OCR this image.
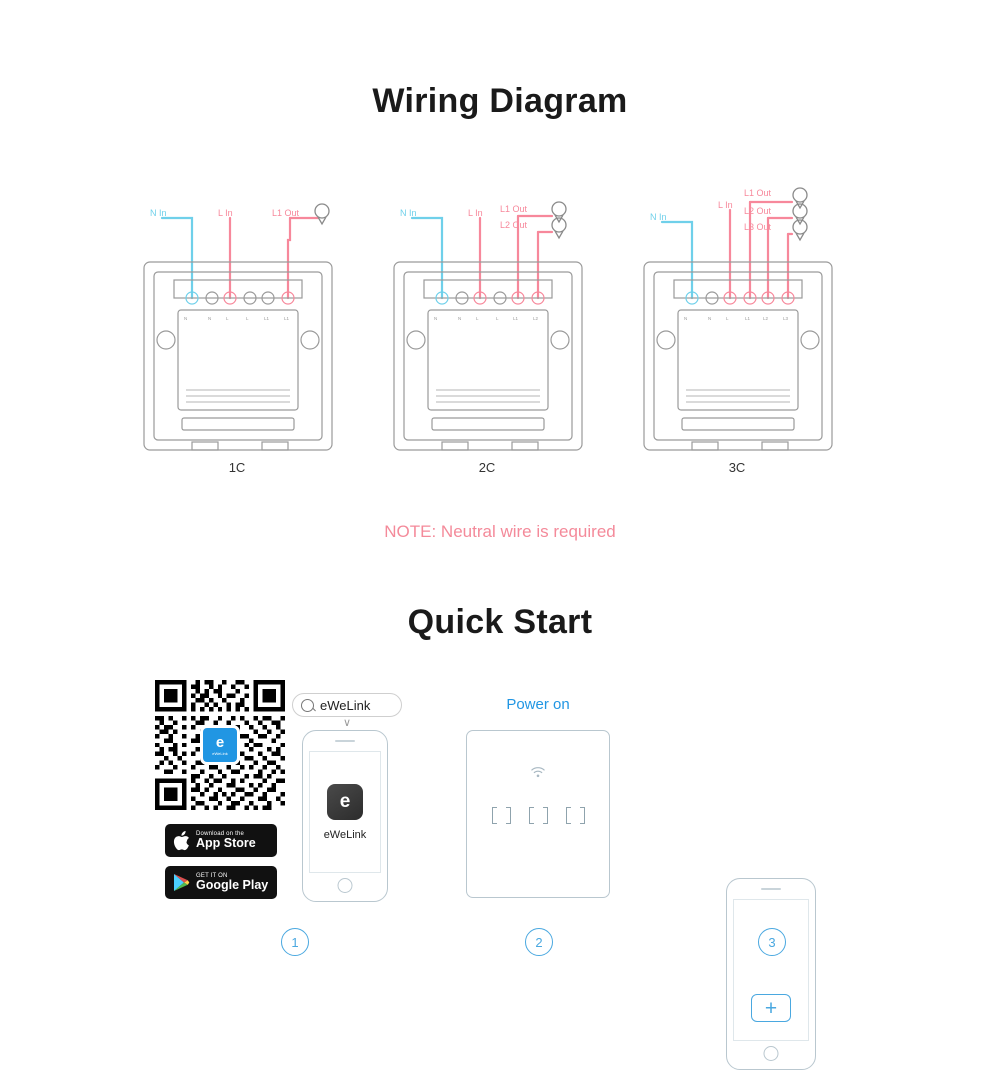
Wiring Diagram
N	N	L	L	L1	L1
N In	L In	L1 Out
1C
N	N	L	L	L1	L2
N In	L In L1 Out
L2 Out
2C
N	N	L	L1	L2	L3
N In
L In
L1 Out
L2 Out
L3 Out
3C
NOTE: Neutral wire is required
Quick Start
e
eWeLink
Download on the
App Store
GET IT ON
Google Play
eWeLink
∨
e
eWeLink
Power on
+
1	2	3
